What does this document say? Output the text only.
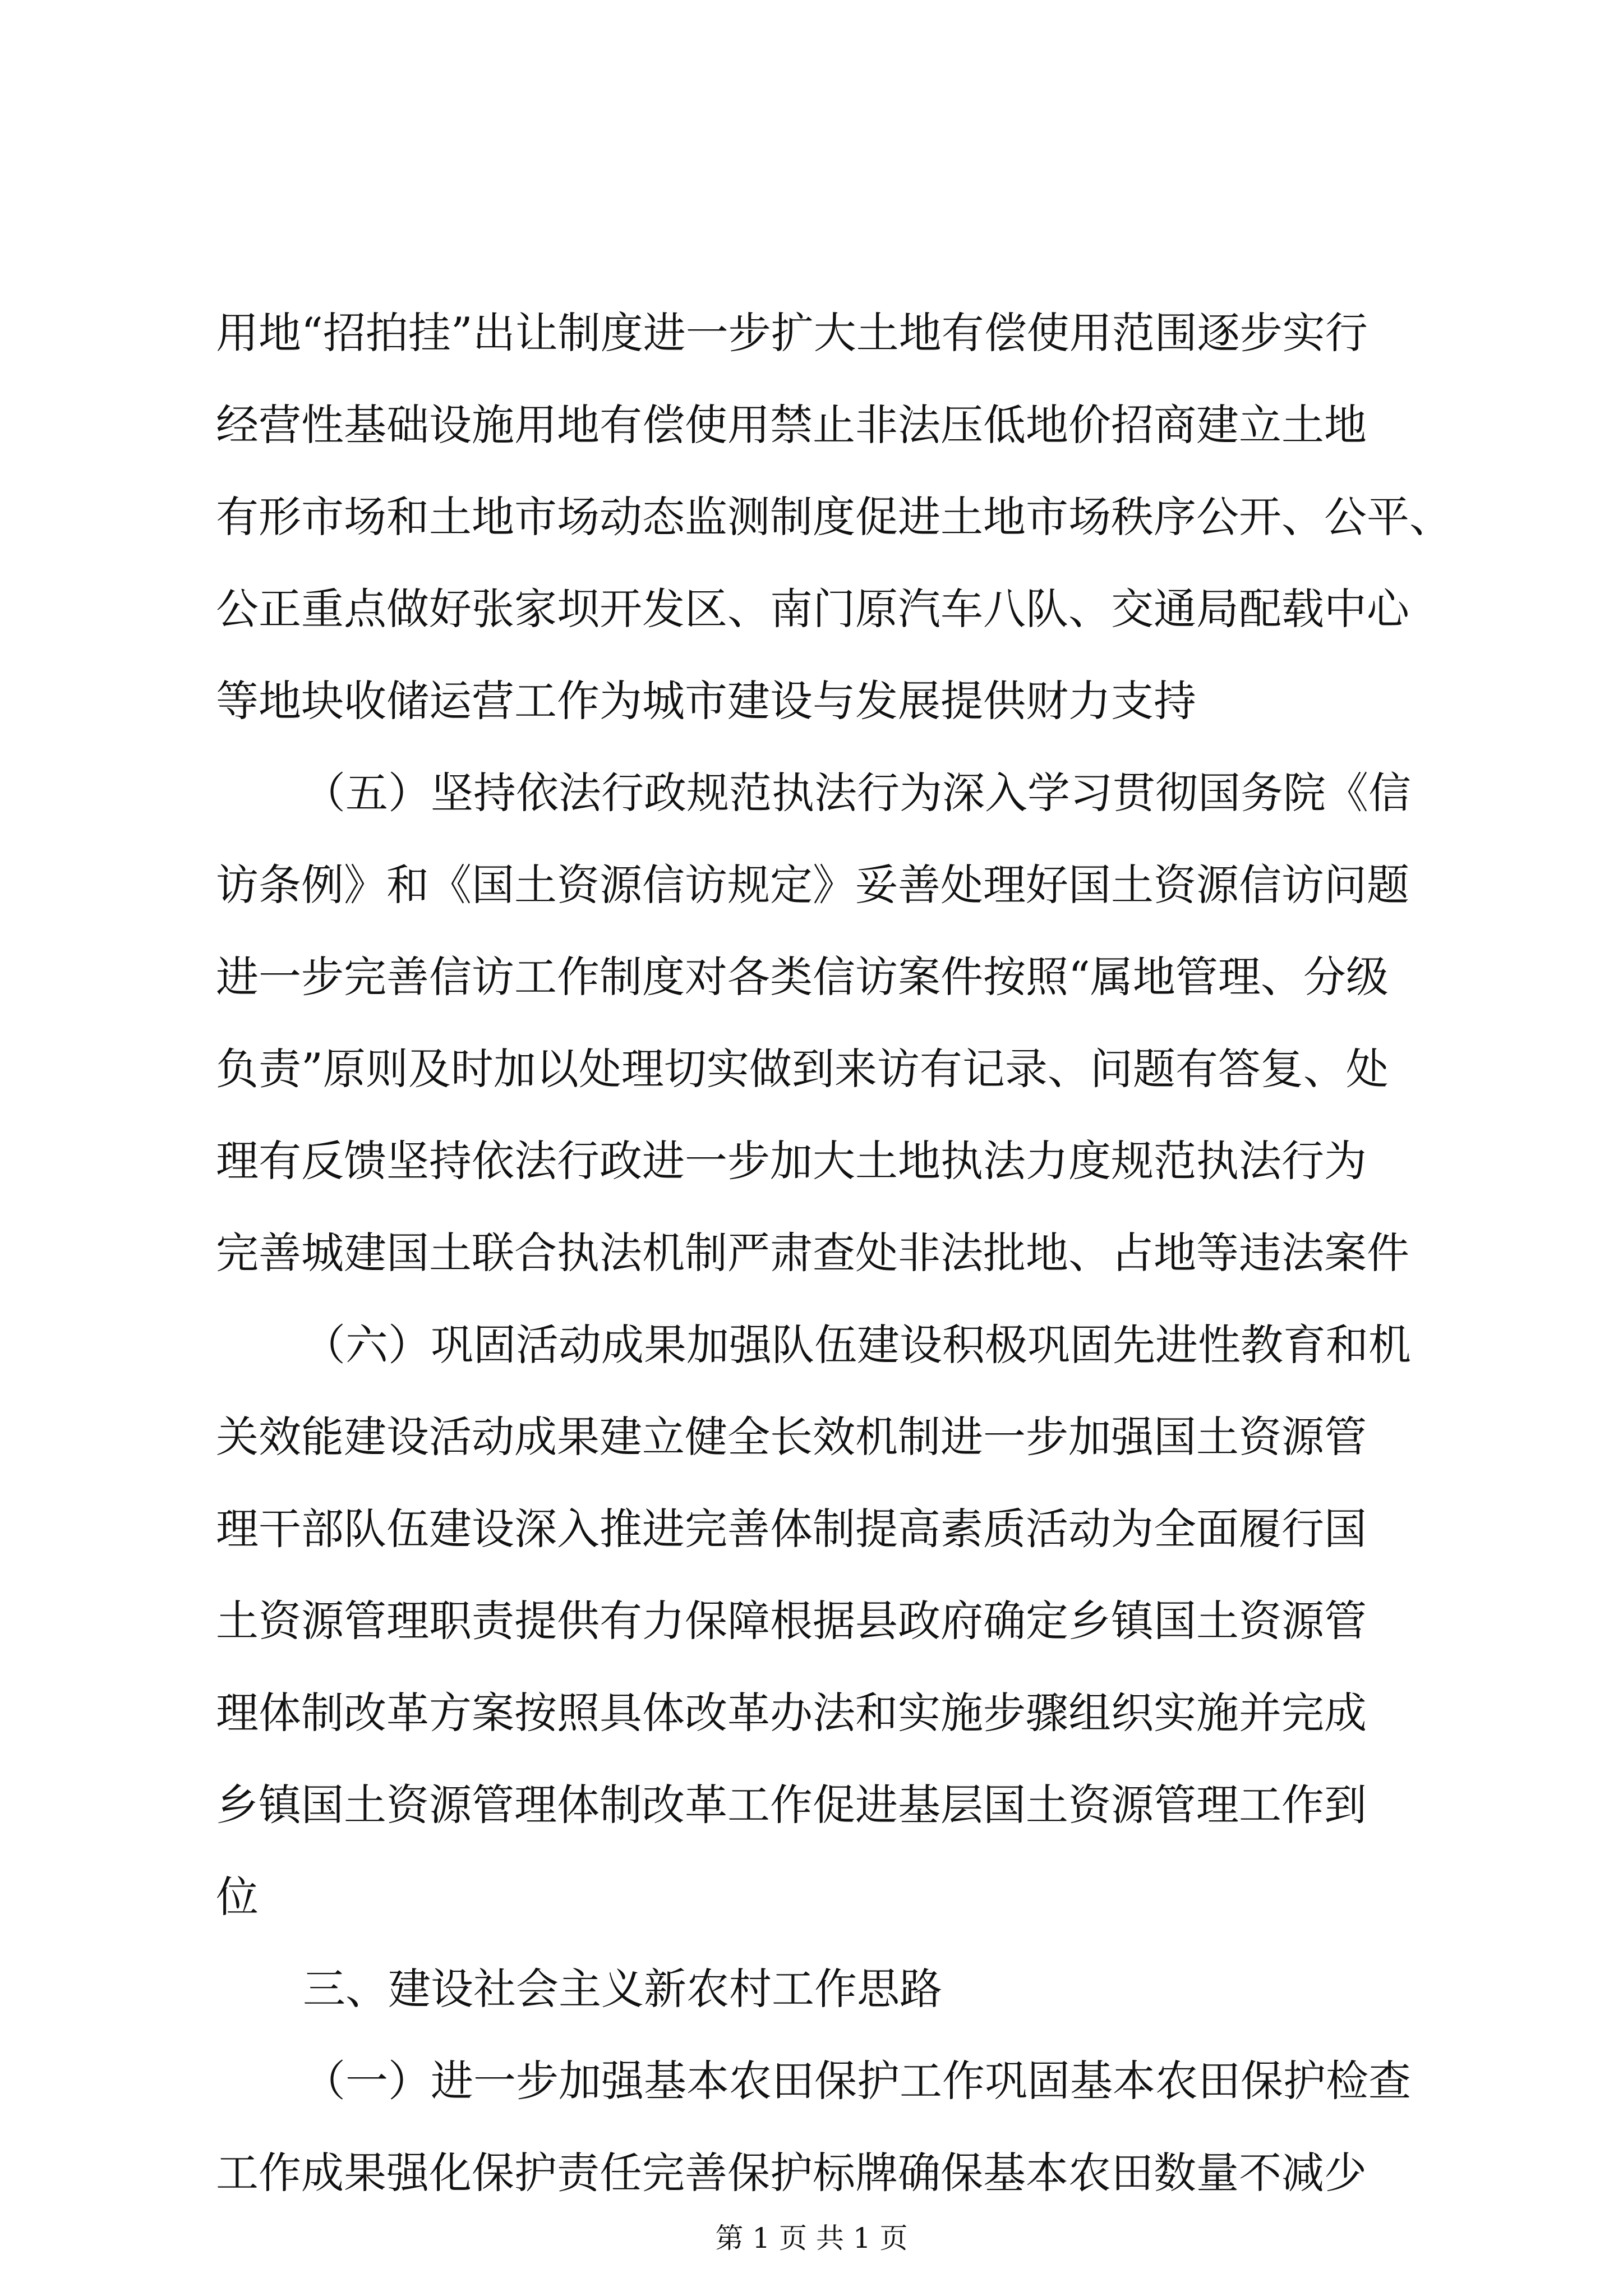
用地“招拍挂”出让制度进一步扩大土地有偿使用范围逐步实行
经营性基础设施用地有偿使用禁止非法压低地价招商建立土地
有形市场和土地市场动态监测制度促进土地市场秩序公开、公平、
公正重点做好张家坝开发区、南门原汽车八队、交通局配载中心
等地块收储运营工作为城市建设与发展提供财力支持
（五）坚持依法行政规范执法行为深入学习贯彻国务院《信
访条例》和《国土资源信访规定》妥善处理好国土资源信访问题
进一步完善信访工作制度对各类信访案件按照“属地管理、分级
负责”原则及时加以处理切实做到来访有记录、问题有答复、处
理有反馈坚持依法行政进一步加大土地执法力度规范执法行为
完善城建国土联合执法机制严肃查处非法批地、占地等违法案件
（六）巩固活动成果加强队伍建设积极巩固先进性教育和机
关效能建设活动成果建立健全长效机制进一步加强国土资源管
理干部队伍建设深入推进完善体制提高素质活动为全面履行国
土资源管理职责提供有力保障根据县政府确定乡镇国土资源管
理体制改革方案按照具体改革办法和实施步骤组织实施并完成
乡镇国土资源管理体制改革工作促进基层国土资源管理工作到
位
三、建设社会主义新农村工作思路
（一）进一步加强基本农田保护工作巩固基本农田保护检查
工作成果强化保护责任完善保护标牌确保基本农田数量不减少
第 1 页 共 1 页
